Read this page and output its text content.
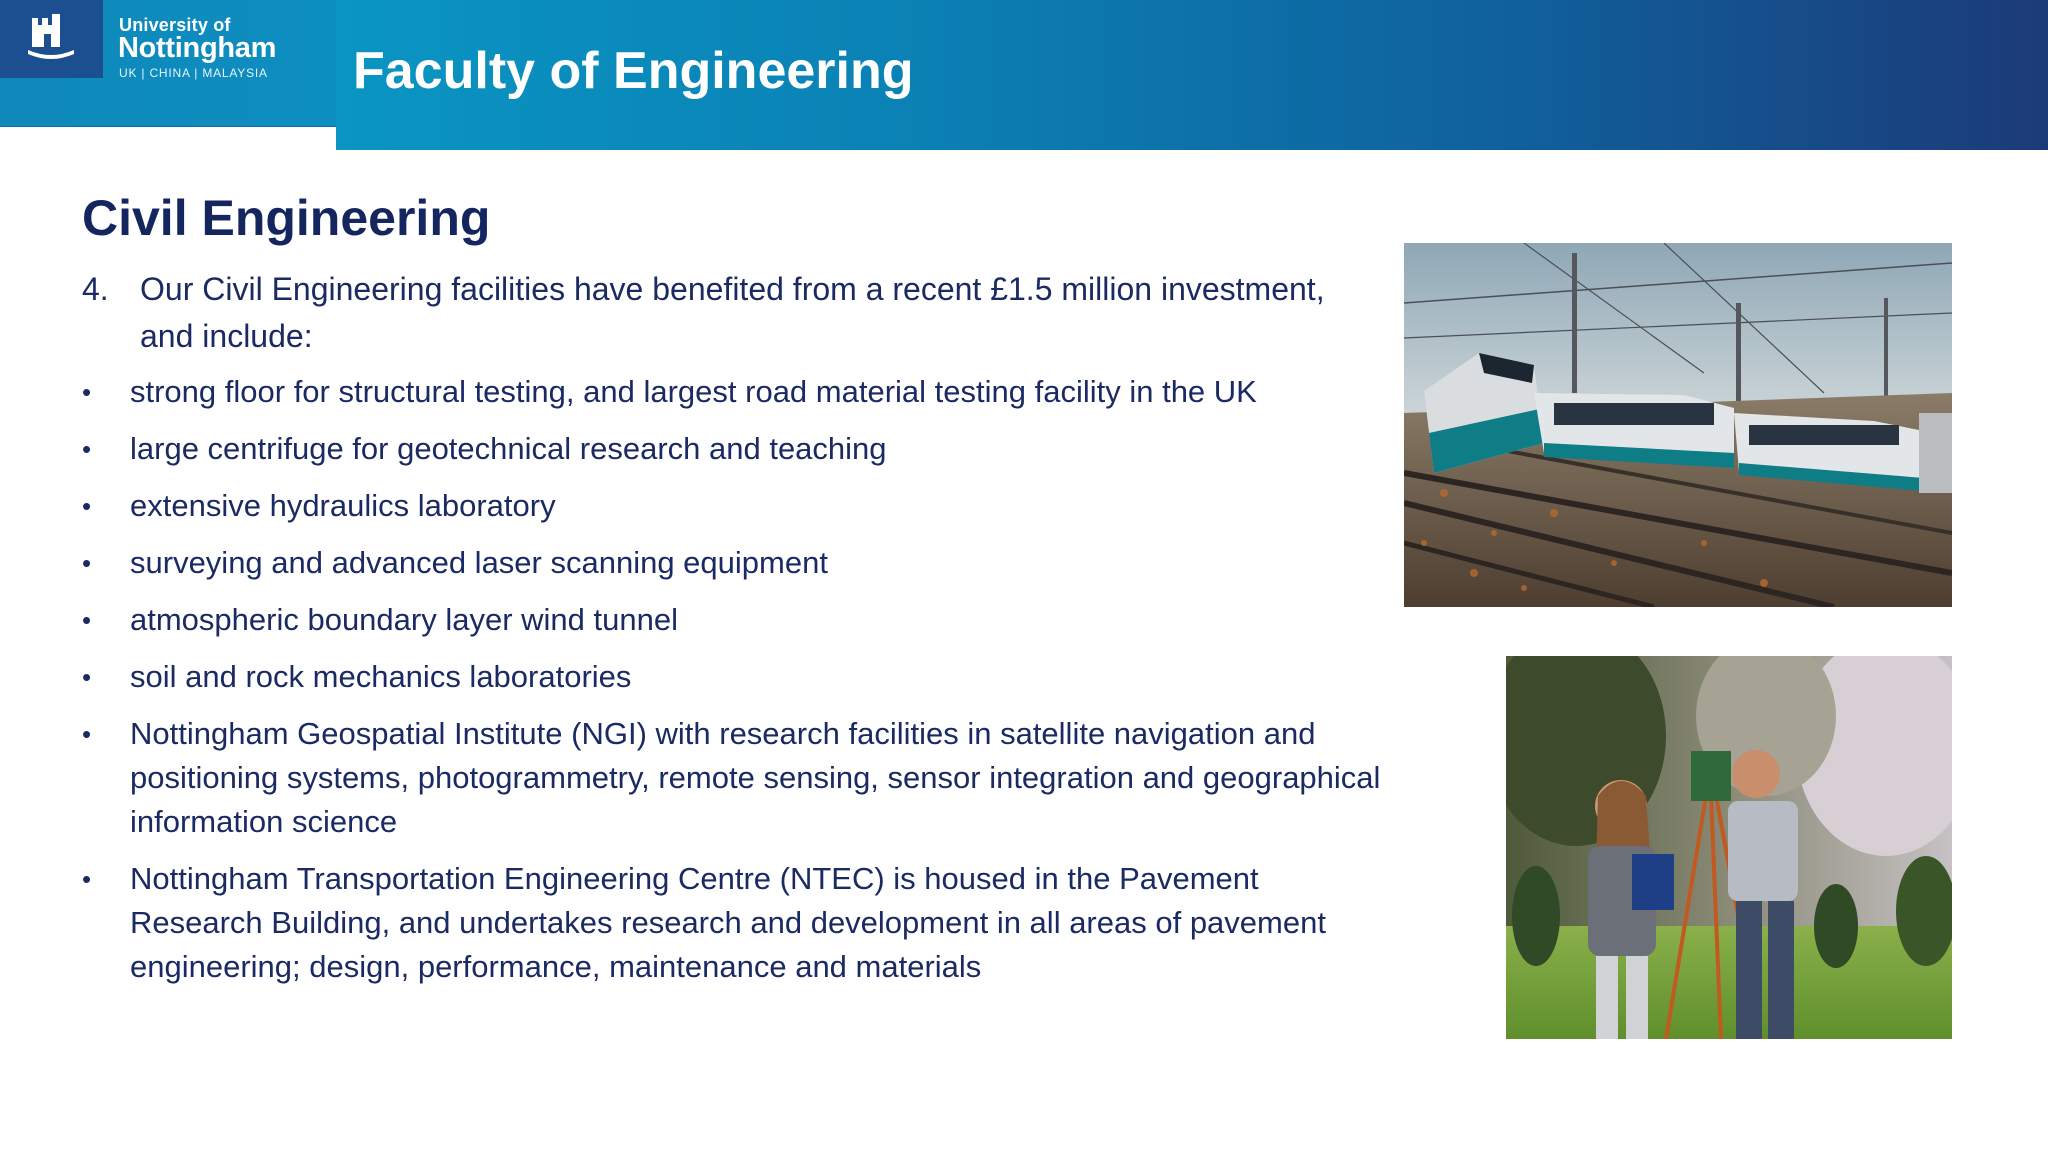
University of
Nottingham
UK | CHINA | MALAYSIA Faculty of Engineering
Civil Engineering
4. Our Civil Engineering facilities have benefited from a recent £1.5 million investment, and include:
• strong floor for structural testing, and largest road material testing facility in the UK
• large centrifuge for geotechnical research and teaching
• extensive hydraulics laboratory
• surveying and advanced laser scanning equipment
• atmospheric boundary layer wind tunnel
• soil and rock mechanics laboratories
• Nottingham Geospatial Institute (NGI) with research facilities in satellite navigation and positioning systems, photogrammetry, remote sensing, sensor integration and geographical information science
• Nottingham Transportation Engineering Centre (NTEC) is housed in the Pavement Research Building, and undertakes research and development in all areas of pavement engineering; design, performance, maintenance and materials
